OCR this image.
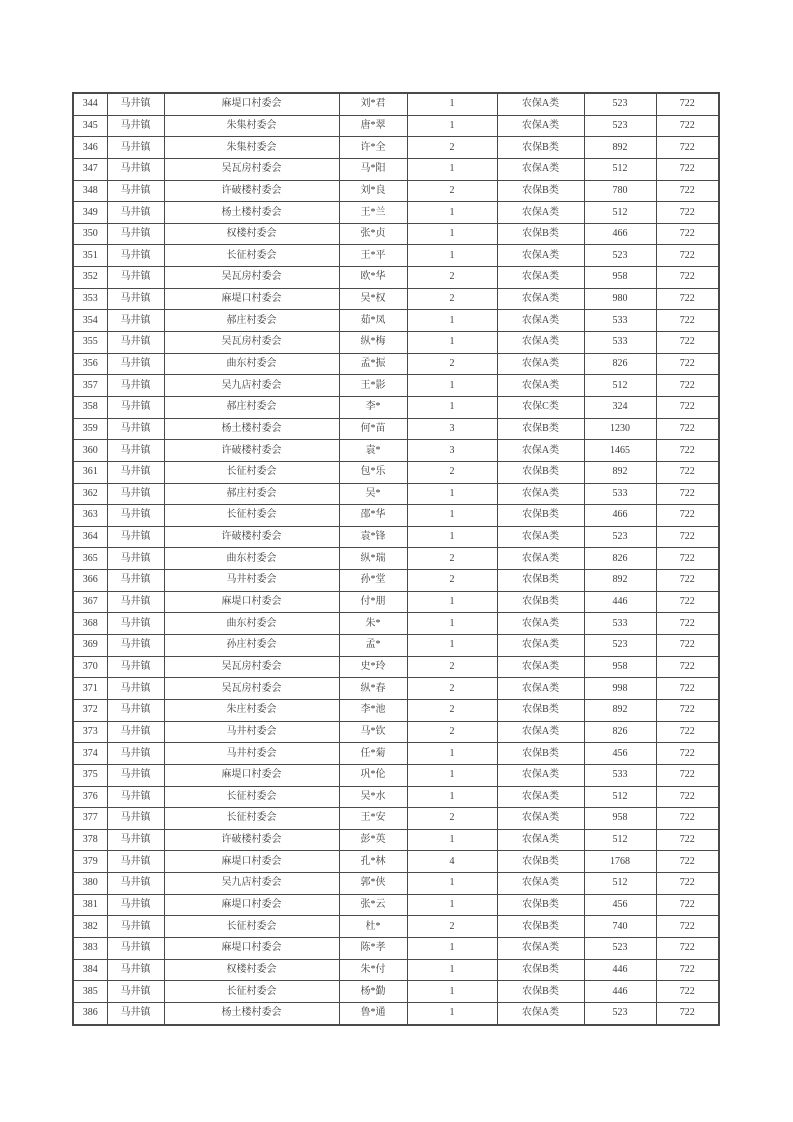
344	马井镇	麻堤口村委会	刘*君	1	农保A类	523	722
345	马井镇	朱集村委会	唐*翠	1	农保A类	523	722
346	马井镇	朱集村委会	许*全	2	农保B类	892	722
347	马井镇	吴瓦房村委会	马*阳	1	农保A类	512	722
348	马井镇	许破楼村委会	刘*良	2	农保B类	780	722
349	马井镇	杨土楼村委会	王*兰	1	农保A类	512	722
350	马井镇	权楼村委会	张*贞	1	农保B类	466	722
351	马井镇	长征村委会	王*平	1	农保A类	523	722
352	马井镇	吴瓦房村委会	欧*华	2	农保A类	958	722
353	马井镇	麻堤口村委会	吴*权	2	农保A类	980	722
354	马井镇	郝庄村委会	茹*凤	1	农保A类	533	722
355	马井镇	吴瓦房村委会	纵*梅	1	农保A类	533	722
356	马井镇	曲东村委会	孟*振	2	农保A类	826	722
357	马井镇	吴九店村委会	王*影	1	农保A类	512	722
358	马井镇	郝庄村委会	李*	1	农保C类	324	722
359	马井镇	杨土楼村委会	何*苗	3	农保B类	1230	722
360	马井镇	许破楼村委会	袁*	3	农保A类	1465	722
361	马井镇	长征村委会	包*乐	2	农保B类	892	722
362	马井镇	郝庄村委会	吴*	1	农保A类	533	722
363	马井镇	长征村委会	邵*华	1	农保B类	466	722
364	马井镇	许破楼村委会	袁*锋	1	农保A类	523	722
365	马井镇	曲东村委会	纵*瑞	2	农保A类	826	722
366	马井镇	马井村委会	孙*堂	2	农保B类	892	722
367	马井镇	麻堤口村委会	付*朋	1	农保B类	446	722
368	马井镇	曲东村委会	朱*	1	农保A类	533	722
369	马井镇	孙庄村委会	孟*	1	农保A类	523	722
370	马井镇	吴瓦房村委会	史*玲	2	农保A类	958	722
371	马井镇	吴瓦房村委会	纵*春	2	农保A类	998	722
372	马井镇	朱庄村委会	李*池	2	农保B类	892	722
373	马井镇	马井村委会	马*钦	2	农保A类	826	722
374	马井镇	马井村委会	任*菊	1	农保B类	456	722
375	马井镇	麻堤口村委会	巩*伦	1	农保A类	533	722
376	马井镇	长征村委会	吴*水	1	农保A类	512	722
377	马井镇	长征村委会	王*安	2	农保A类	958	722
378	马井镇	许破楼村委会	彭*英	1	农保A类	512	722
379	马井镇	麻堤口村委会	孔*林	4	农保B类	1768	722
380	马井镇	吴九店村委会	郭*侠	1	农保A类	512	722
381	马井镇	麻堤口村委会	张*云	1	农保B类	456	722
382	马井镇	长征村委会	杜*	2	农保B类	740	722
383	马井镇	麻堤口村委会	陈*孝	1	农保A类	523	722
384	马井镇	权楼村委会	朱*付	1	农保B类	446	722
385	马井镇	长征村委会	杨*勤	1	农保B类	446	722
386	马井镇	杨土楼村委会	鲁*通	1	农保A类	523	722
